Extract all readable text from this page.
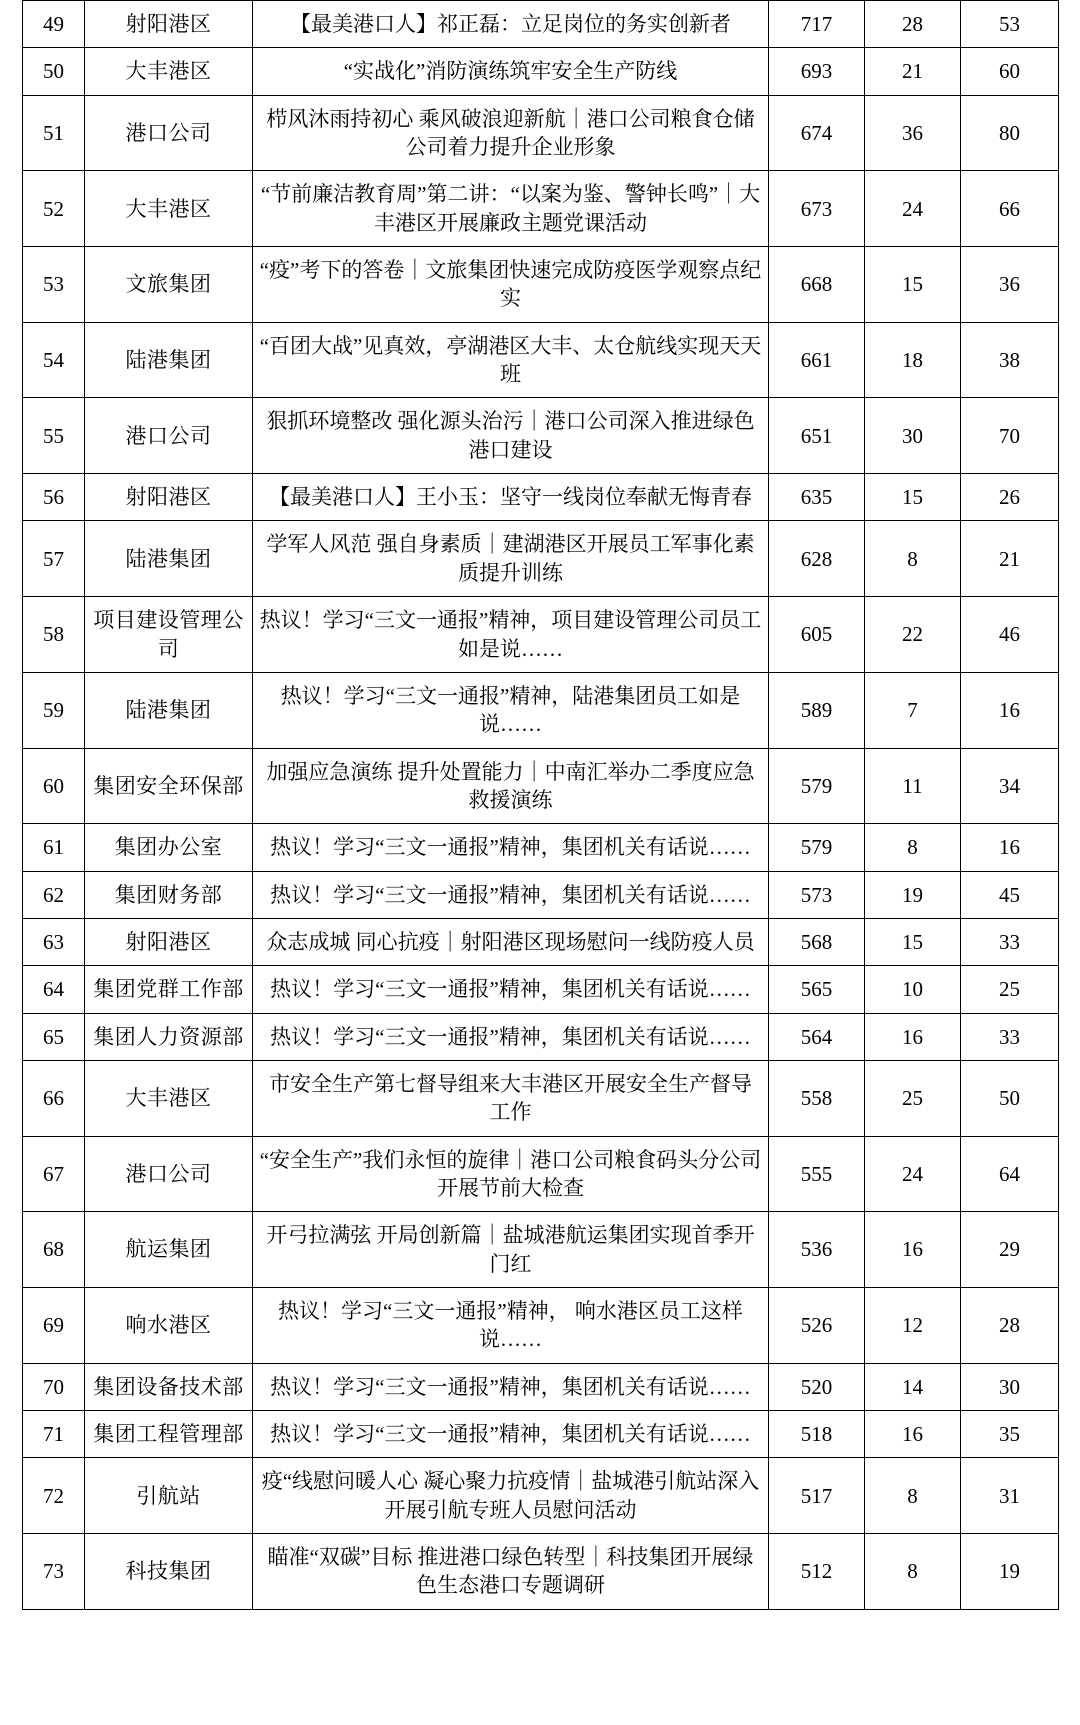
49	射阳港区	【最美港口人】祁正磊：立足岗位的务实创新者	717	28	53
50	大丰港区	“实战化”消防演练筑牢安全生产防线	693	21	60
51	港口公司	栉风沐雨持初心 乘风破浪迎新航｜港口公司粮食仓储公司着力提升企业形象	674	36	80
52	大丰港区	“节前廉洁教育周”第二讲：“以案为鉴、警钟长鸣”｜大丰港区开展廉政主题党课活动	673	24	66
53	文旅集团	“疫”考下的答卷｜文旅集团快速完成防疫医学观察点纪实	668	15	36
54	陆港集团	“百团大战”见真效，亭湖港区大丰、太仓航线实现天天班	661	18	38
55	港口公司	狠抓环境整改 强化源头治污｜港口公司深入推进绿色港口建设	651	30	70
56	射阳港区	【最美港口人】王小玉：坚守一线岗位奉献无悔青春	635	15	26
57	陆港集团	学军人风范 强自身素质｜建湖港区开展员工军事化素质提升训练	628	8	21
58	项目建设管理公司	热议！学习“三文一通报”精神，项目建设管理公司员工如是说……	605	22	46
59	陆港集团	热议！学习“三文一通报”精神，陆港集团员工如是说……	589	7	16
60	集团安全环保部	加强应急演练 提升处置能力｜中南汇举办二季度应急救援演练	579	11	34
61	集团办公室	热议！学习“三文一通报”精神，集团机关有话说……	579	8	16
62	集团财务部	热议！学习“三文一通报”精神，集团机关有话说……	573	19	45
63	射阳港区	众志成城 同心抗疫｜射阳港区现场慰问一线防疫人员	568	15	33
64	集团党群工作部	热议！学习“三文一通报”精神，集团机关有话说……	565	10	25
65	集团人力资源部	热议！学习“三文一通报”精神，集团机关有话说……	564	16	33
66	大丰港区	市安全生产第七督导组来大丰港区开展安全生产督导工作	558	25	50
67	港口公司	“安全生产”我们永恒的旋律｜港口公司粮食码头分公司开展节前大检查	555	24	64
68	航运集团	开弓拉满弦 开局创新篇｜盐城港航运集团实现首季开门红	536	16	29
69	响水港区	热议！学习“三文一通报”精神， 响水港区员工这样说……	526	12	28
70	集团设备技术部	热议！学习“三文一通报”精神，集团机关有话说……	520	14	30
71	集团工程管理部	热议！学习“三文一通报”精神，集团机关有话说……	518	16	35
72	引航站	疫“线慰问暖人心 凝心聚力抗疫情｜盐城港引航站深入开展引航专班人员慰问活动	517	8	31
73	科技集团	瞄准“双碳”目标 推进港口绿色转型｜科技集团开展绿色生态港口专题调研	512	8	19
